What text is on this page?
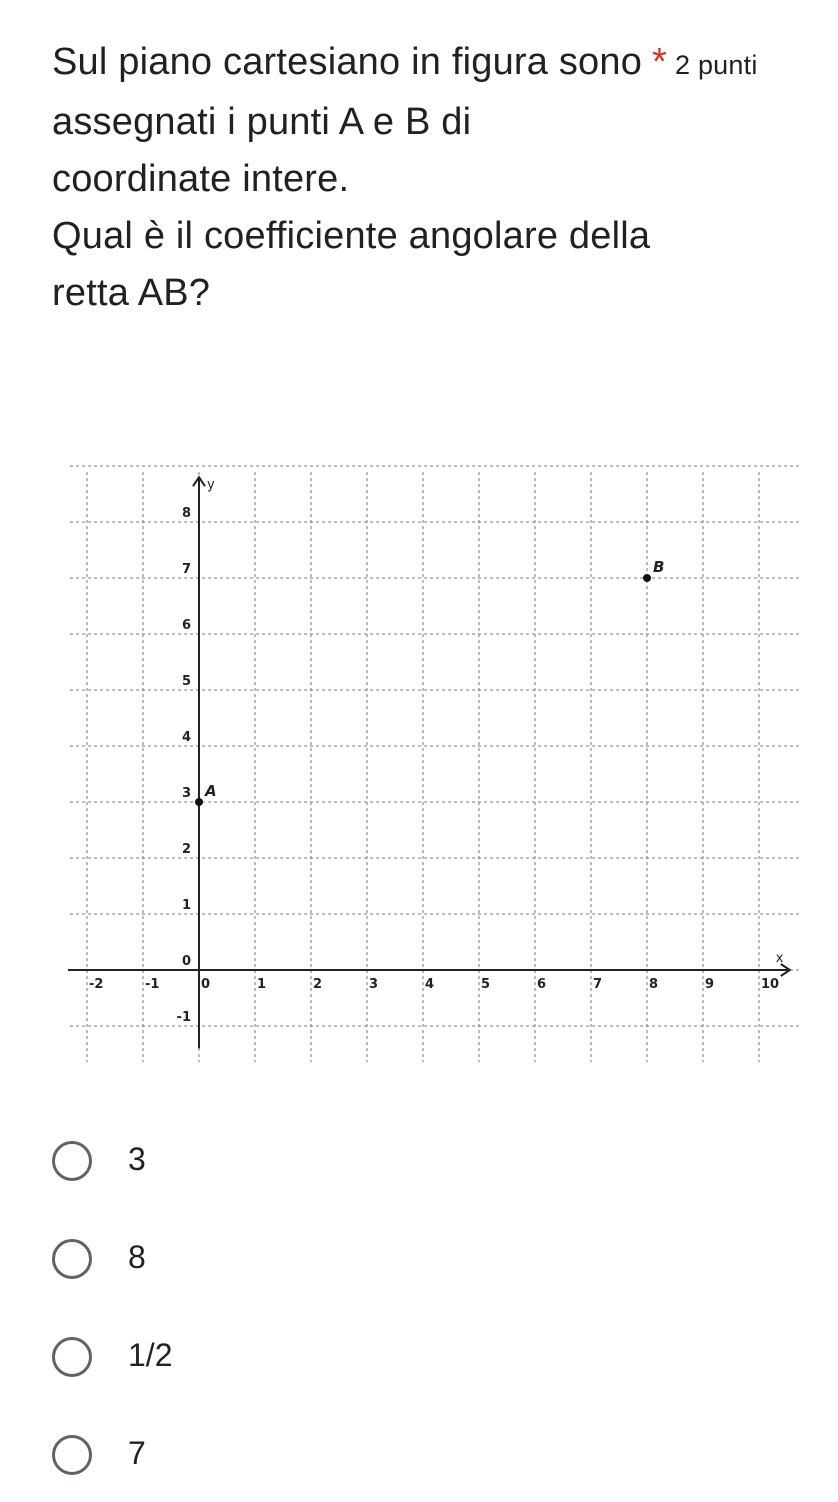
Sul piano cartesiano in figura sono * 2 punti
assegnati i punti A e B di
coordinate intere.
Qual è il coefficiente angolare della
retta AB?
x
y
-2	-1	0	1	2	3	4	5	6	7	8	9	10
8
7
6
5
4
3
2
1
0
-1
A
B
3
8
1/2
7
